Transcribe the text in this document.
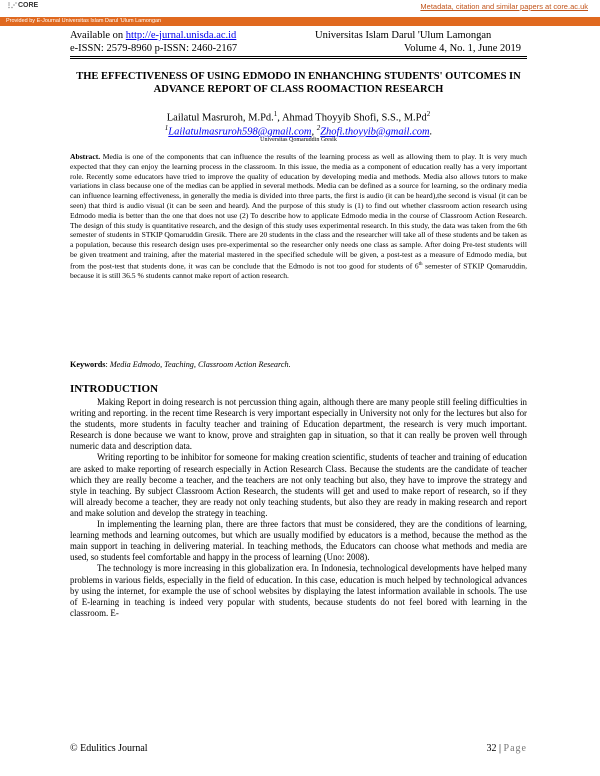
⋮⋰ CORE	Metadata, citation and similar papers at core.ac.uk
Provided by E-Journal Universitas Islam Darul 'Ulum Lamongan
Available on http://e-jurnal.unisda.ac.id	Universitas Islam Darul 'Ulum Lamongan
e-ISSN: 2579-8960 p-ISSN: 2460-2167	Volume 4, No. 1, June 2019
THE EFFECTIVENESS OF USING EDMODO IN ENHANCHING STUDENTS' OUTCOMES IN ADVANCE REPORT OF CLASS ROOMACTION RESEARCH
Lailatul Masruroh, M.Pd.$^1$, Ahmad Thoyyib Shofi, S.S., M.Pd$^2$
$^1$Lailatulmasruroh598@gmail.com, $^2$Zhofi.thoyyib@gmail.com.
Universitas Qomaruddin Gresik
Abstract. Media is one of the components that can influence the results of the learning process as well as allowing them to play. It is very much expected that they can enjoy the learning process in the classroom. In this issue, the media as a component of education really has a very important role. Recently some educators have tried to improve the quality of education by developing media and methods. Media also allows tutors to make variations in class because one of the medias can be applied in several methods. Media can be defined as a source for learning, so the ordinary media can influence learning effectiveness, in generally the media is divided into three parts, the first is audio (it can be heard),the second is visual (it can be seen) that third is audio visual (it can be seen and heard). And the purpose of this study is (1) to find out whether classroom action research using Edmodo media is better than the one that does not use (2) To describe how to applicate Edmodo media in the course of Classroom Action Research. The design of this study is quantitative research, and the design of this study uses experimental research. In this study, the data was taken from the 6th semester of students in STKIP Qomaruddin Gresik. There are 20 students in the class and the researcher will take all of these students and be taken as a population, because this research design uses pre-experimental so the researcher only needs one class as sample. After doing Pre-test students will be given treatment and training, after the material mastered in the specified schedule will be given, a post-test as a measure of Edmodo media, but from the post-test that students done, it was can be conclude that the Edmodo is not too good for students of 6th semester of STKIP Qomaruddin, because it is still 36.5 % students cannot make report of action research.
Keywords: Media Edmodo, Teaching, Classroom Action Research.
INTRODUCTION

Making Report in doing research is not percussion thing again, although there are many people still feeling difficulties in writing and reporting. in the recent time Research is very important especially in University not only for the lectures but also for the students, more students in faculty teacher and training of Education department, the research is very much important. Research is done because we want to know, prove and straighten gap in situation, so that it can really be proven well through numeric data and description data.

Writing reporting to be inhibitor for someone for making creation scientific, students of teacher and training of education are asked to make reporting of research especially in Action Research Class. Because the students are the candidate of teacher which they are really become a teacher, and the teachers are not only teaching but also, they have to improve the strategy and style in teaching. By subject Classroom Action Research, the students will get and used to make report of research, so if they will already become a teacher, they are ready not only teaching students, but also they are ready in making research and report and make solution and develop the strategy in teaching.

In implementing the learning plan, there are three factors that must be considered, they are the conditions of learning, learning methods and learning outcomes, but which are usually modified by educators is a method, because the method as the main support in teaching in delivering material. In teaching methods, the Educators can choose what methods and media are used, so students feel comfortable and happy in the process of learning (Uno: 2008).

The technology is more increasing in this globalization era. In Indonesia, technological developments have helped many problems in various fields, especially in the field of education. In this case, education is much helped by technological advances by using the internet, for example the use of school websites by displaying the latest information available in schools. The use of E-learning in teaching is indeed very popular with students, because students do not feel bored with learning in the classroom. E-

© Edulitics Journal	32 | Page
